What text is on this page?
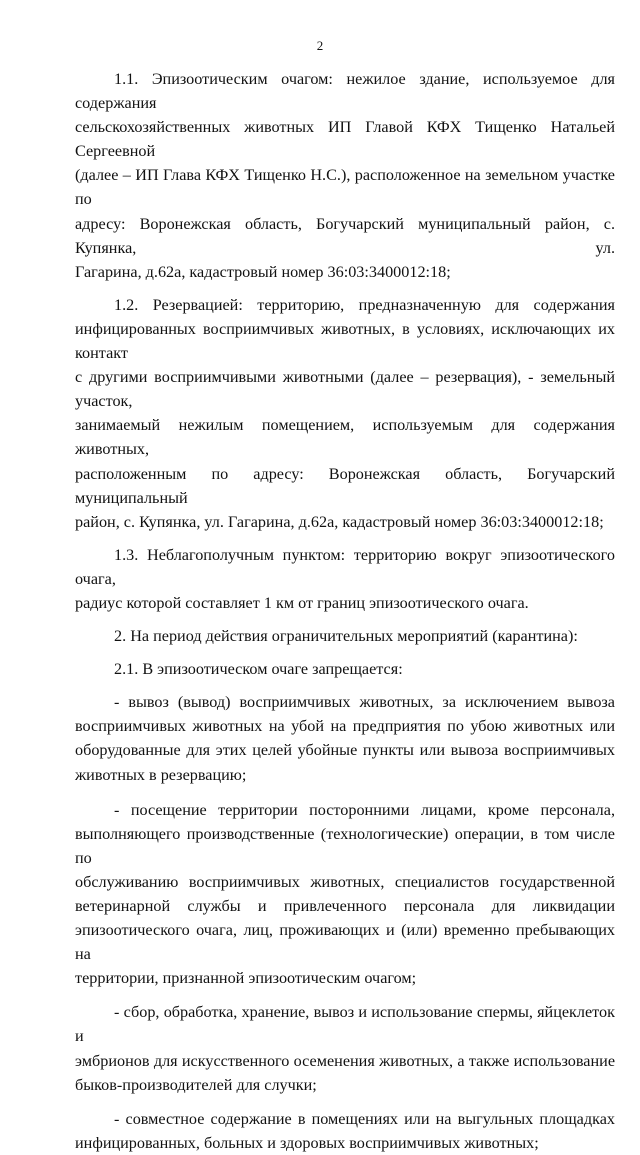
2
1.1. Эпизоотическим очагом: нежилое здание, используемое для содержания
сельскохозяйственных животных ИП Главой КФХ Тищенко Натальей Сергеевной
(далее – ИП Глава КФХ Тищенко Н.С.), расположенное на земельном участке по
адресу: Воронежская область, Богучарский муниципальный район, с. Купянка, ул.
Гагарина, д.62а, кадастровый номер 36:03:3400012:18;
1.2. Резервацией: территорию, предназначенную для содержания
инфицированных восприимчивых животных, в условиях, исключающих их контакт
с другими восприимчивыми животными (далее – резервация), - земельный участок,
занимаемый нежилым помещением, используемым для содержания животных,
расположенным по адресу: Воронежская область, Богучарский муниципальный
район, с. Купянка, ул. Гагарина, д.62а, кадастровый номер 36:03:3400012:18;
1.3. Неблагополучным пунктом: территорию вокруг эпизоотического очага,
радиус которой составляет 1 км от границ эпизоотического очага.
2. На период действия ограничительных мероприятий (карантина):
2.1. В эпизоотическом очаге запрещается:
- вывоз (вывод) восприимчивых животных, за исключением вывоза
восприимчивых животных на убой на предприятия по убою животных или
оборудованные для этих целей убойные пункты или вывоза восприимчивых
животных в резервацию;
- посещение территории посторонними лицами, кроме персонала,
выполняющего производственные (технологические) операции, в том числе по
обслуживанию восприимчивых животных, специалистов государственной
ветеринарной службы и привлеченного персонала для ликвидации
эпизоотического очага, лиц, проживающих и (или) временно пребывающих на
территории, признанной эпизоотическим очагом;
- сбор, обработка, хранение, вывоз и использование спермы, яйцеклеток и
эмбрионов для искусственного осеменения животных, а также использование
быков-производителей для случки;
- совместное содержание в помещениях или на выгульных площадках
инфицированных, больных и здоровых восприимчивых животных;
